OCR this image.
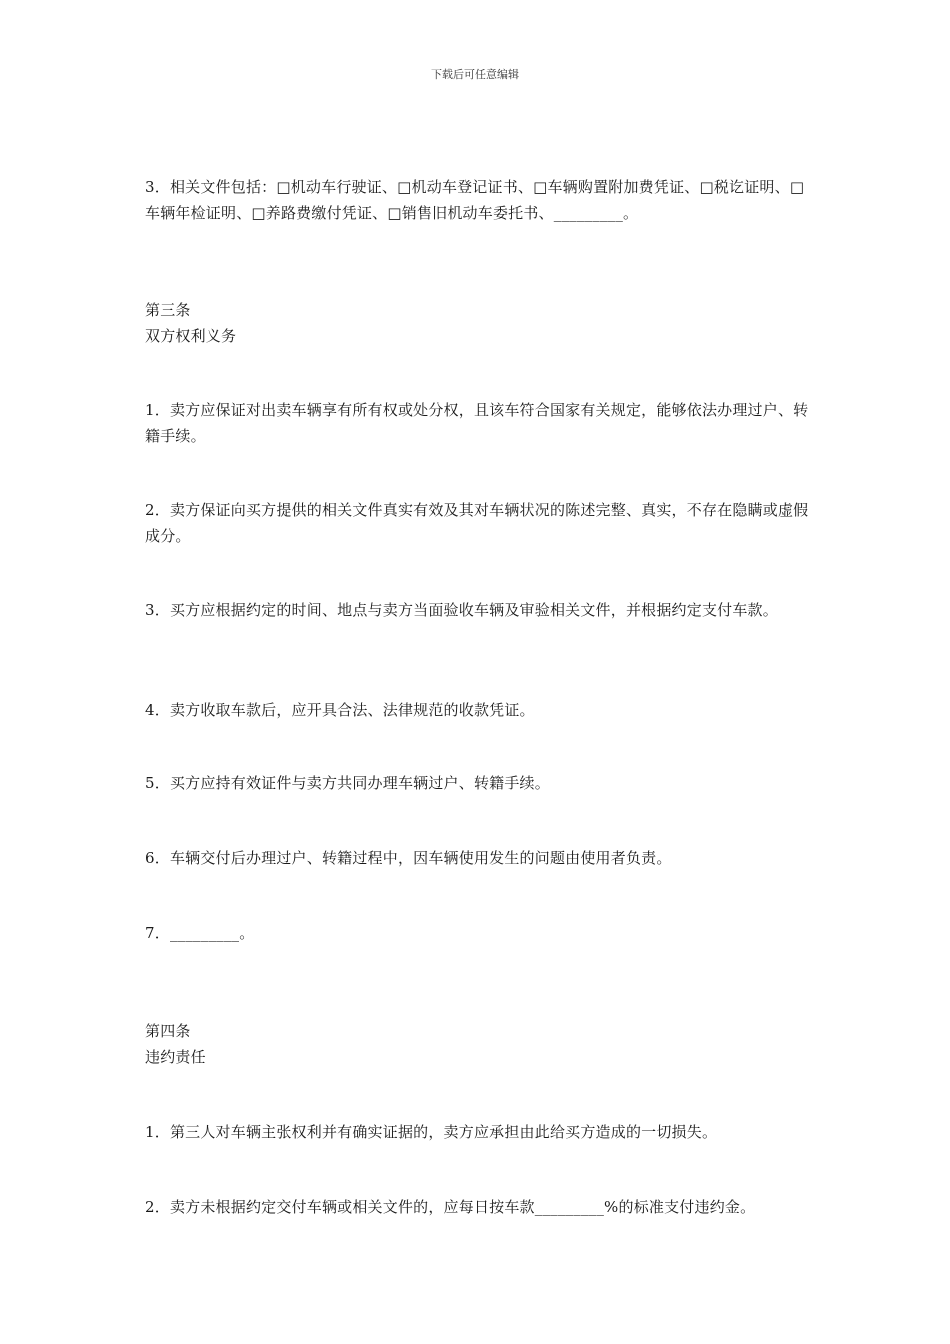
下载后可任意编辑
3．相关文件包括：□机动车行驶证、□机动车登记证书、□车辆购置附加费凭证、□税讫证明、□车辆年检证明、□养路费缴付凭证、□销售旧机动车委托书、_________。
第三条
双方权利义务
1．卖方应保证对出卖车辆享有所有权或处分权，且该车符合国家有关规定，能够依法办理过户、转籍手续。
2．卖方保证向买方提供的相关文件真实有效及其对车辆状况的陈述完整、真实，不存在隐瞒或虚假成分。
3．买方应根据约定的时间、地点与卖方当面验收车辆及审验相关文件，并根据约定支付车款。
4．卖方收取车款后，应开具合法、法律规范的收款凭证。
5．买方应持有效证件与卖方共同办理车辆过户、转籍手续。
6．车辆交付后办理过户、转籍过程中，因车辆使用发生的问题由使用者负责。
7．_________。
第四条
违约责任
1．第三人对车辆主张权利并有确实证据的，卖方应承担由此给买方造成的一切损失。
2．卖方未根据约定交付车辆或相关文件的，应每日按车款_________%的标准支付违约金。
